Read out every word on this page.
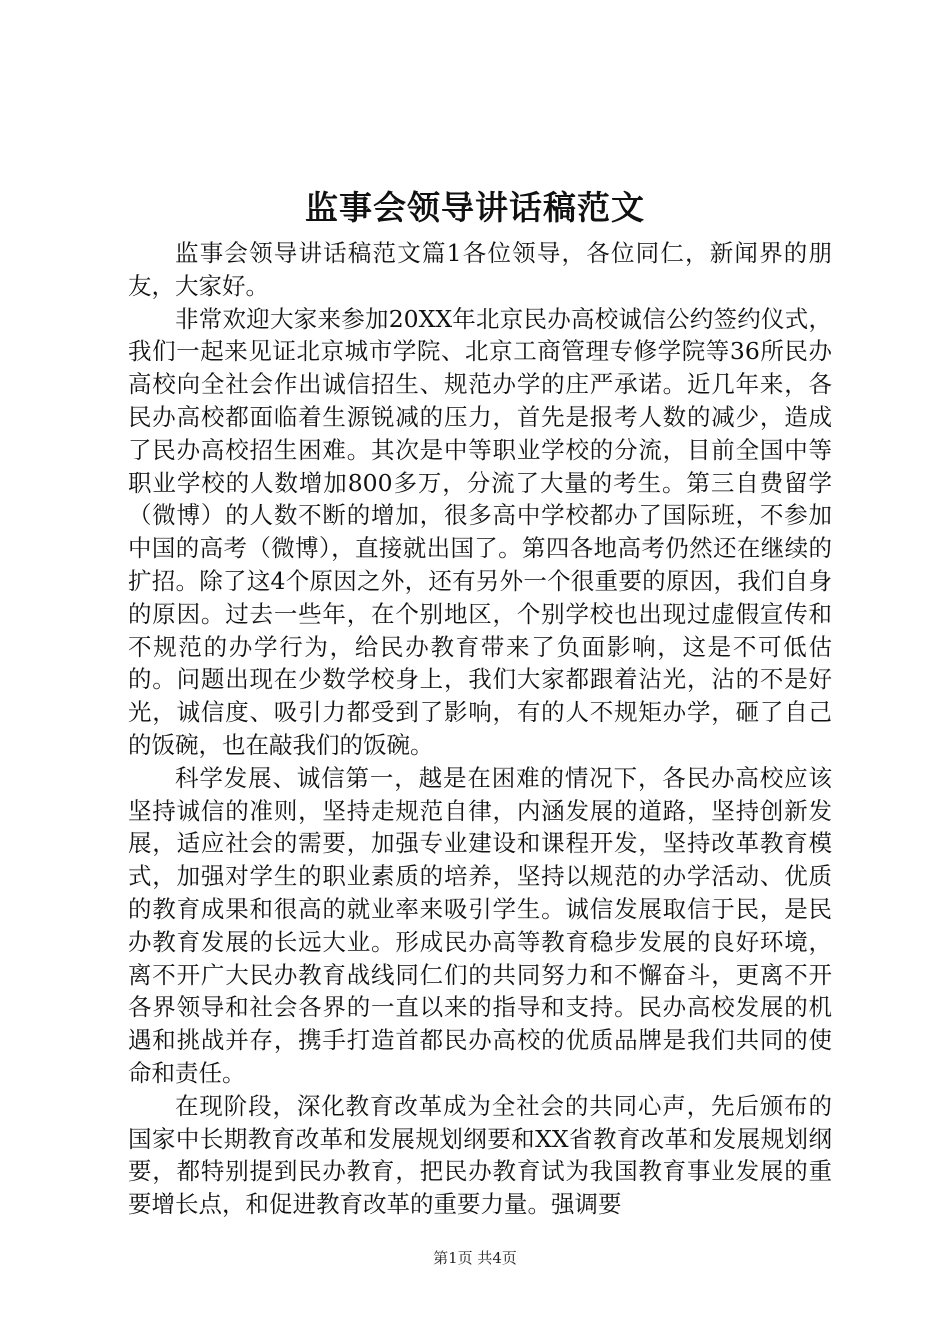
监事会领导讲话稿范文

监事会领导讲话稿范文篇1各位领导，各位同仁，新闻界的朋友，大家好。

非常欢迎大家来参加20XX年北京民办高校诚信公约签约仪式，我们一起来见证北京城市学院、北京工商管理专修学院等36所民办高校向全社会作出诚信招生、规范办学的庄严承诺。近几年来，各民办高校都面临着生源锐减的压力，首先是报考人数的减少，造成了民办高校招生困难。其次是中等职业学校的分流，目前全国中等职业学校的人数增加800多万，分流了大量的考生。第三自费留学（微博）的人数不断的增加，很多高中学校都办了国际班，不参加中国的高考（微博），直接就出国了。第四各地高考仍然还在继续的扩招。除了这4个原因之外，还有另外一个很重要的原因，我们自身的原因。过去一些年，在个别地区，个别学校也出现过虚假宣传和不规范的办学行为，给民办教育带来了负面影响，这是不可低估的。问题出现在少数学校身上，我们大家都跟着沾光，沾的不是好光，诚信度、吸引力都受到了影响，有的人不规矩办学，砸了自己的饭碗，也在敲我们的饭碗。

科学发展、诚信第一，越是在困难的情况下，各民办高校应该坚持诚信的准则，坚持走规范自律，内涵发展的道路，坚持创新发展，适应社会的需要，加强专业建设和课程开发，坚持改革教育模式，加强对学生的职业素质的培养，坚持以规范的办学活动、优质的教育成果和很高的就业率来吸引学生。诚信发展取信于民，是民办教育发展的长远大业。形成民办高等教育稳步发展的良好环境，离不开广大民办教育战线同仁们的共同努力和不懈奋斗，更离不开各界领导和社会各界的一直以来的指导和支持。民办高校发展的机遇和挑战并存，携手打造首都民办高校的优质品牌是我们共同的使命和责任。

在现阶段，深化教育改革成为全社会的共同心声，先后颁布的国家中长期教育改革和发展规划纲要和XX省教育改革和发展规划纲要，都特别提到民办教育，把民办教育试为我国教育事业发展的重要增长点，和促进教育改革的重要力量。强调要

第1页 共4页
